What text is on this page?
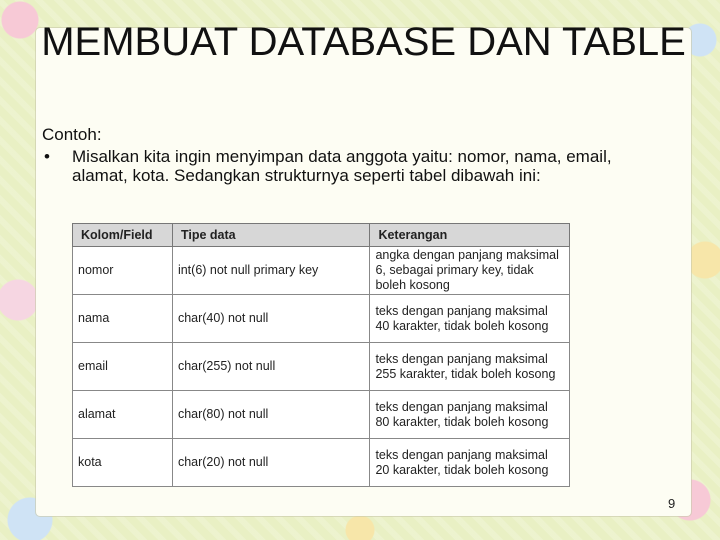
MEMBUAT DATABASE DAN TABLE

Contoh:

•	Misalkan kita ingin menyimpan data anggota yaitu: nomor, nama, email, alamat, kota. Sedangkan strukturnya seperti tabel dibawah ini:
Kolom/Field	Tipe data	Keterangan
nomor	int(6) not null primary key	angka dengan panjang maksimal 6, sebagai primary key, tidak boleh kosong
nama	char(40) not null	teks dengan panjang maksimal 40 karakter, tidak boleh kosong
email	char(255) not null	teks dengan panjang maksimal 255 karakter, tidak boleh kosong
alamat	char(80) not null	teks dengan panjang maksimal 80 karakter, tidak boleh kosong
kota	char(20) not null	teks dengan panjang maksimal 20 karakter, tidak boleh kosong
9
